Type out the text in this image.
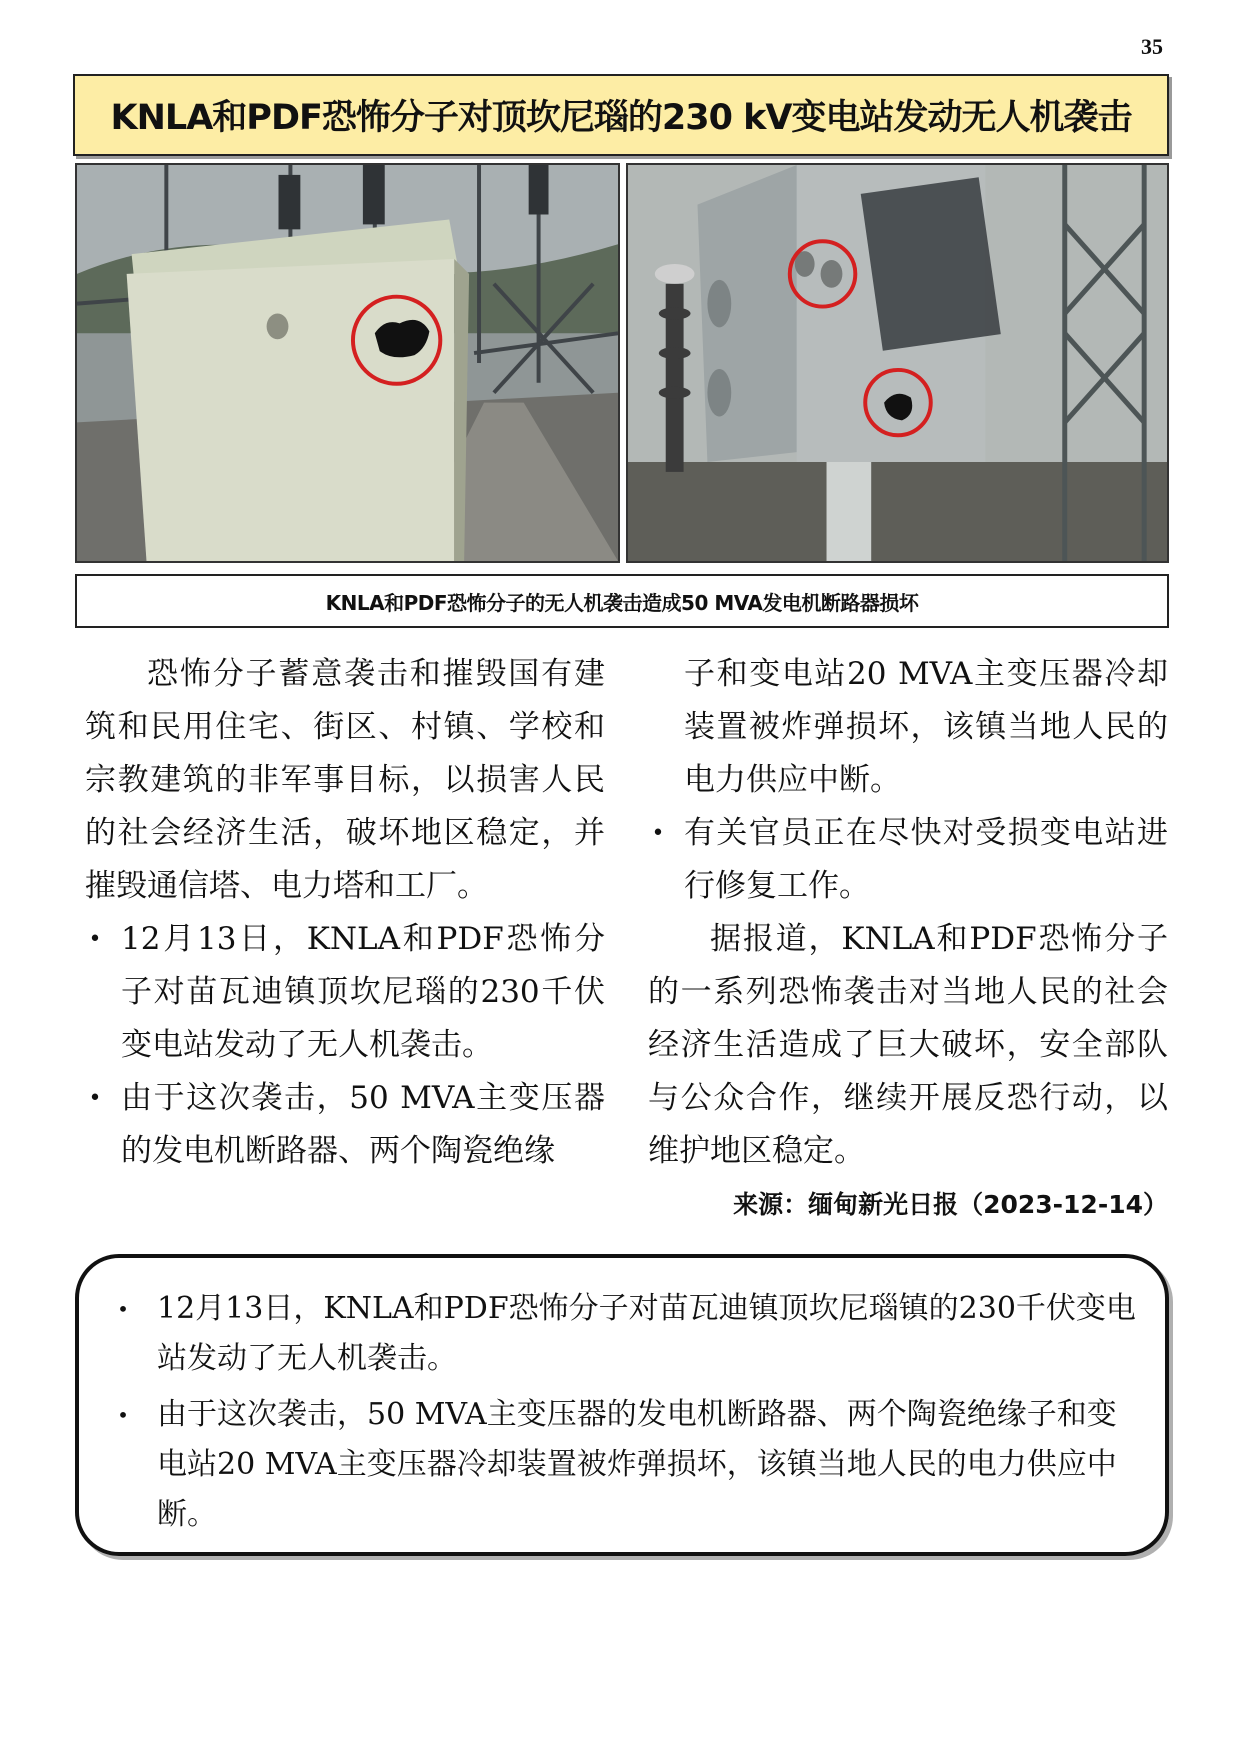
35
KNLA和PDF恐怖分子对顶坎尼瑙的230 kV变电站发动无人机袭击
KNLA和PDF恐怖分子的无人机袭击造成50 MVA发电机断路器损坏

恐怖分子蓄意袭击和摧毁国有建筑和民用住宅、街区、村镇、学校和宗教建筑的非军事目标，以损害人民的社会经济生活，破坏地区稳定，并摧毁通信塔、电力塔和工厂。

• 12月13日，KNLA和PDF恐怖分子对苗瓦迪镇顶坎尼瑙的230千伏变电站发动了无人机袭击。

• 由于这次袭击，50 MVA主变压器的发电机断路器、两个陶瓷绝缘

子和变电站20 MVA主变压器冷却装置被炸弹损坏，该镇当地人民的电力供应中断。

• 有关官员正在尽快对受损变电站进行修复工作。

据报道，KNLA和PDF恐怖分子的一系列恐怖袭击对当地人民的社会经济生活造成了巨大破坏，安全部队与公众合作，继续开展反恐行动，以维护地区稳定。

来源：缅甸新光日报（2023-12-14）

• 12月13日，KNLA和PDF恐怖分子对苗瓦迪镇顶坎尼瑙镇的230千伏变电站发动了无人机袭击。

• 由于这次袭击，50 MVA主变压器的发电机断路器、两个陶瓷绝缘子和变电站20 MVA主变压器冷却装置被炸弹损坏，该镇当地人民的电力供应中断。
